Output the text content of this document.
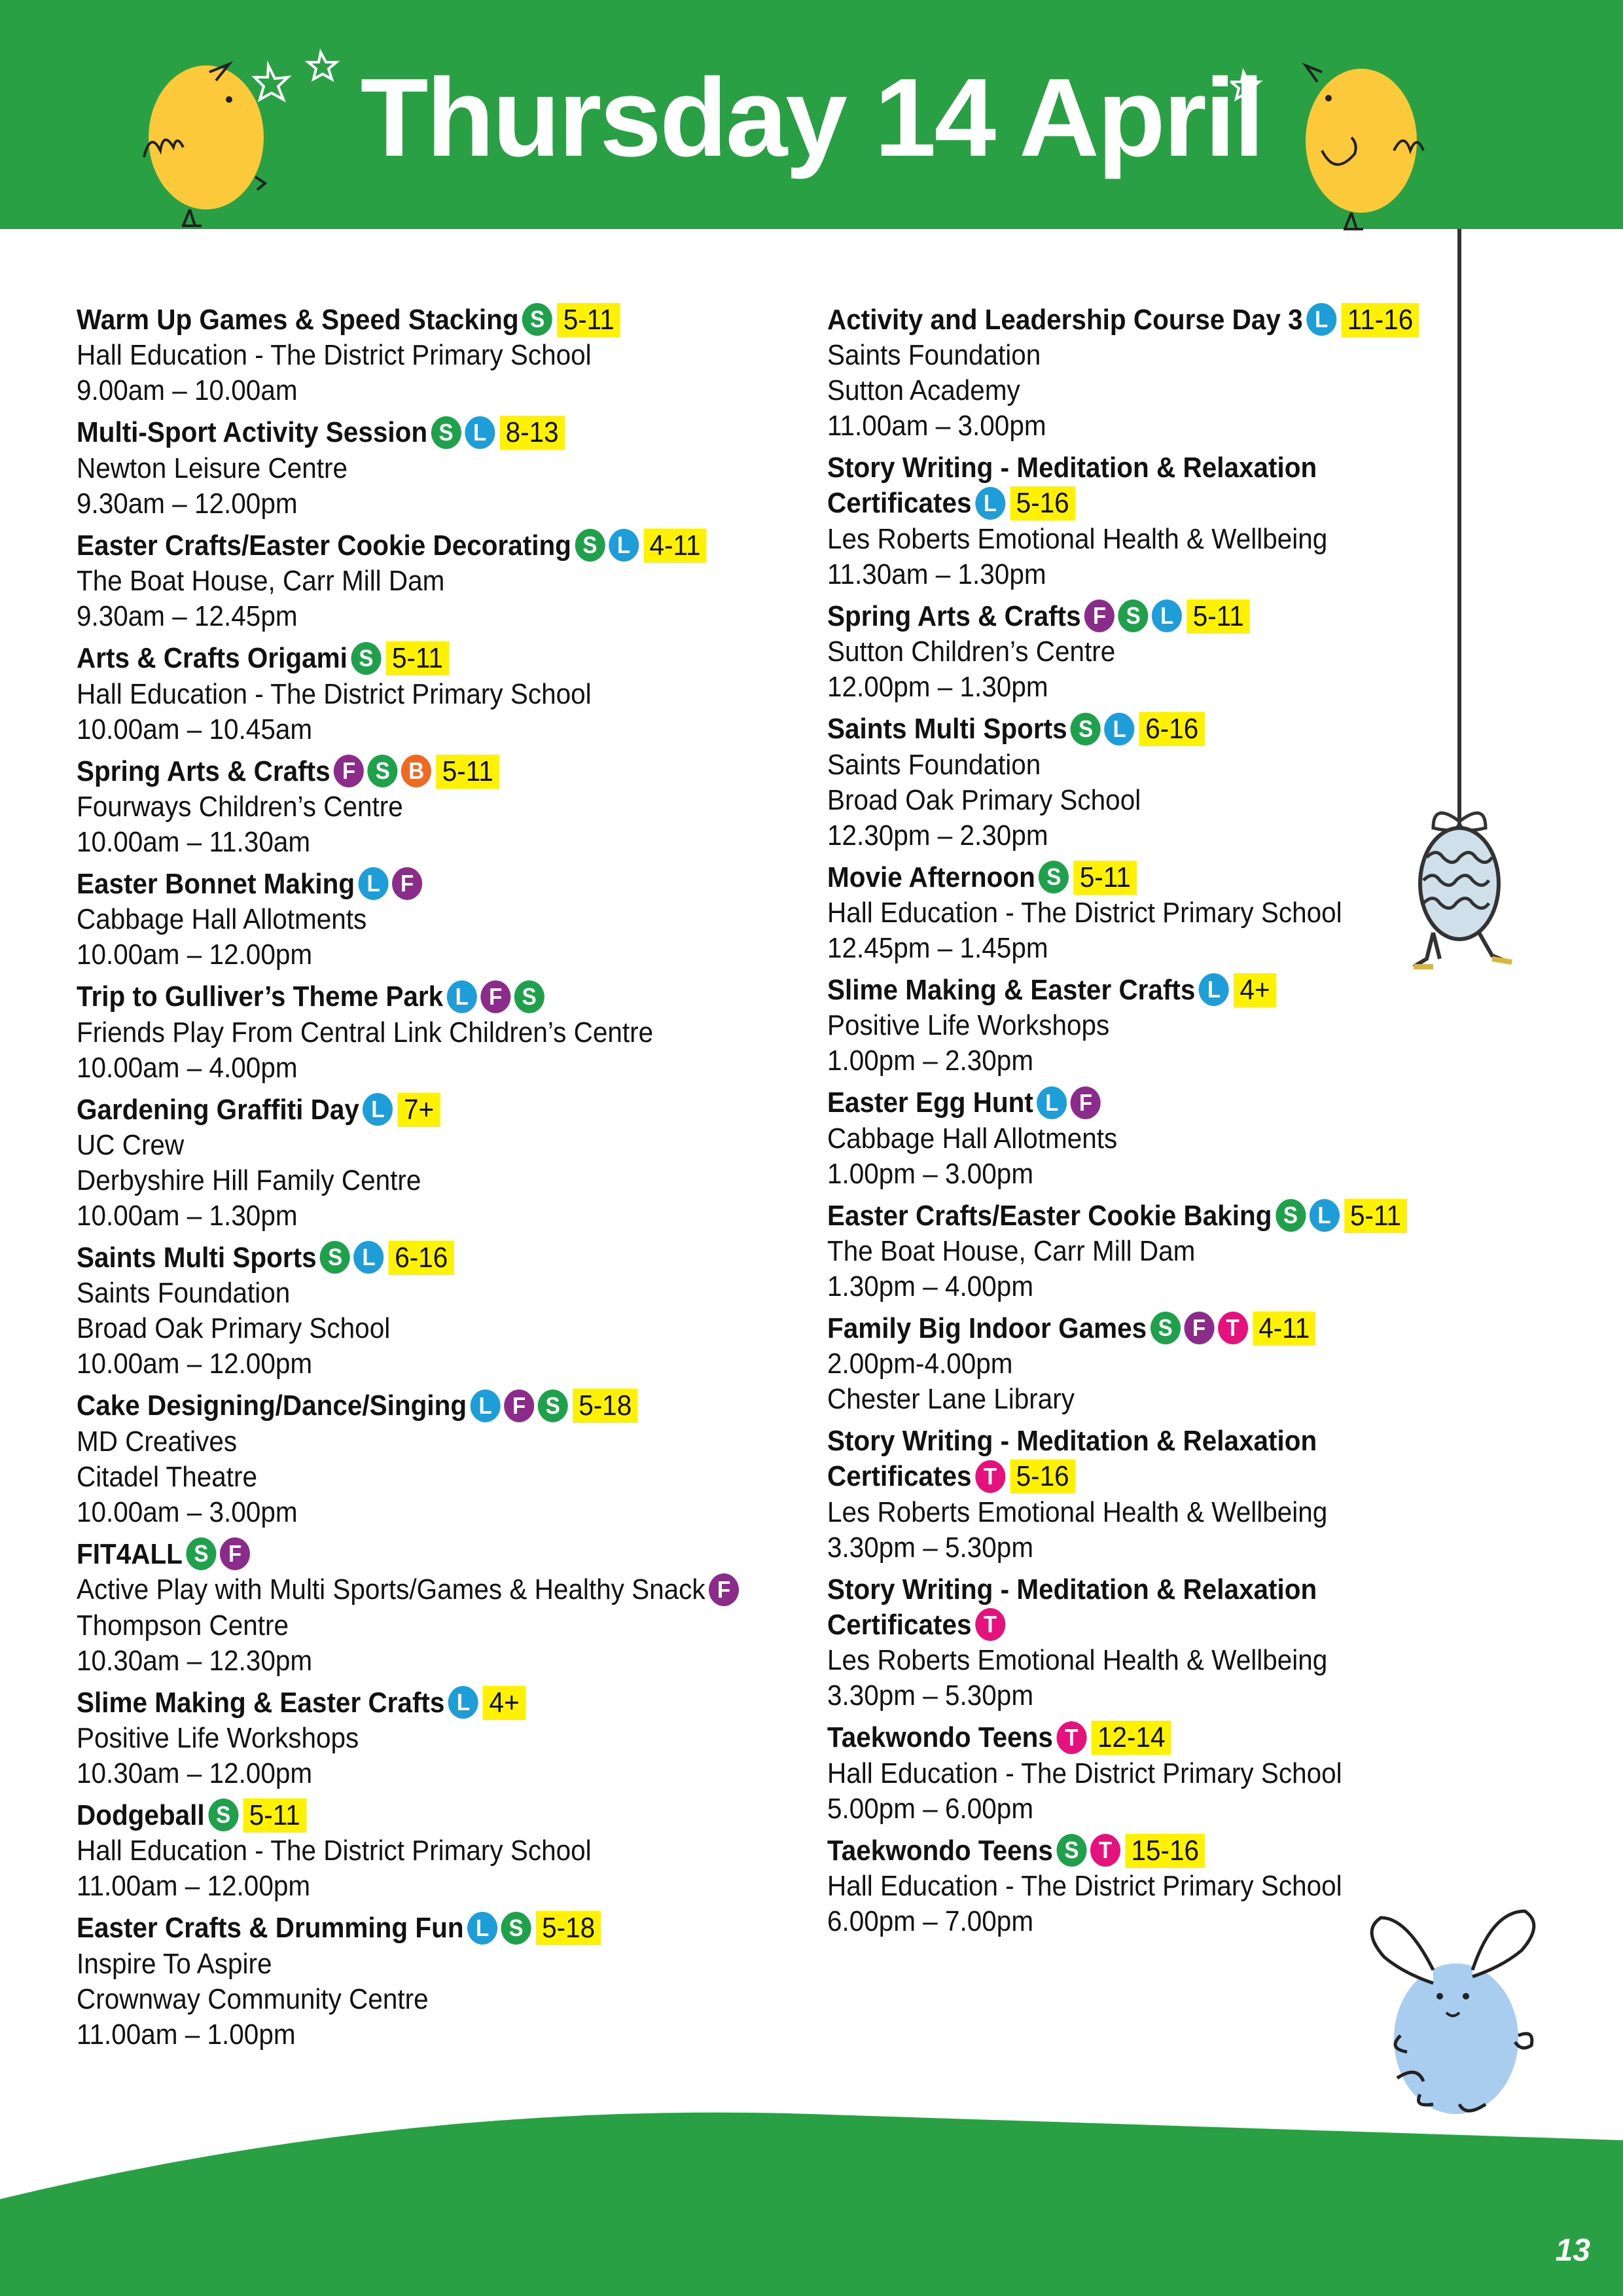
Thursday 14 April
Warm Up Games & Speed Stacking S 5-11
Hall Education - The District Primary School
9.00am – 10.00am
Multi-Sport Activity Session S L 8-13
Newton Leisure Centre
9.30am – 12.00pm
Easter Crafts/Easter Cookie Decorating S L 4-11
The Boat House, Carr Mill Dam
9.30am – 12.45pm
Arts & Crafts Origami S 5-11
Hall Education - The District Primary School
10.00am – 10.45am
Spring Arts & Crafts F S B 5-11
Fourways Children’s Centre
10.00am – 11.30am
Easter Bonnet Making L F
Cabbage Hall Allotments
10.00am – 12.00pm
Trip to Gulliver’s Theme Park L F S
Friends Play From Central Link Children’s Centre
10.00am – 4.00pm
Gardening Graffiti Day L 7+
UC Crew
Derbyshire Hill Family Centre
10.00am – 1.30pm
Saints Multi Sports S L 6-16
Saints Foundation
Broad Oak Primary School
10.00am – 12.00pm
Cake Designing/Dance/Singing L F S 5-18
MD Creatives
Citadel Theatre
10.00am – 3.00pm
FIT4ALL S F
Active Play with Multi Sports/Games & Healthy Snack F
Thompson Centre
10.30am – 12.30pm
Slime Making & Easter Crafts L 4+
Positive Life Workshops
10.30am – 12.00pm
Dodgeball S 5-11
Hall Education - The District Primary School
11.00am – 12.00pm
Easter Crafts & Drumming Fun L S 5-18
Inspire To Aspire
Crownway Community Centre
11.00am – 1.00pm
Activity and Leadership Course Day 3 L 11-16
Saints Foundation
Sutton Academy
11.00am – 3.00pm
Story Writing - Meditation & Relaxation
Certificates L 5-16
Les Roberts Emotional Health & Wellbeing
11.30am – 1.30pm
Spring Arts & Crafts F S L 5-11
Sutton Children’s Centre
12.00pm – 1.30pm
Saints Multi Sports S L 6-16
Saints Foundation
Broad Oak Primary School
12.30pm – 2.30pm
Movie Afternoon S 5-11
Hall Education - The District Primary School
12.45pm – 1.45pm
Slime Making & Easter Crafts L 4+
Positive Life Workshops
1.00pm – 2.30pm
Easter Egg Hunt L F
Cabbage Hall Allotments
1.00pm – 3.00pm
Easter Crafts/Easter Cookie Baking S L 5-11
The Boat House, Carr Mill Dam
1.30pm – 4.00pm
Family Big Indoor Games S F T 4-11
2.00pm-4.00pm
Chester Lane Library
Story Writing - Meditation & Relaxation
Certificates T 5-16
Les Roberts Emotional Health & Wellbeing
3.30pm – 5.30pm
Story Writing - Meditation & Relaxation
Certificates T
Les Roberts Emotional Health & Wellbeing
3.30pm – 5.30pm
Taekwondo Teens T 12-14
Hall Education - The District Primary School
5.00pm – 6.00pm
Taekwondo Teens S T 15-16
Hall Education - The District Primary School
6.00pm – 7.00pm
13
